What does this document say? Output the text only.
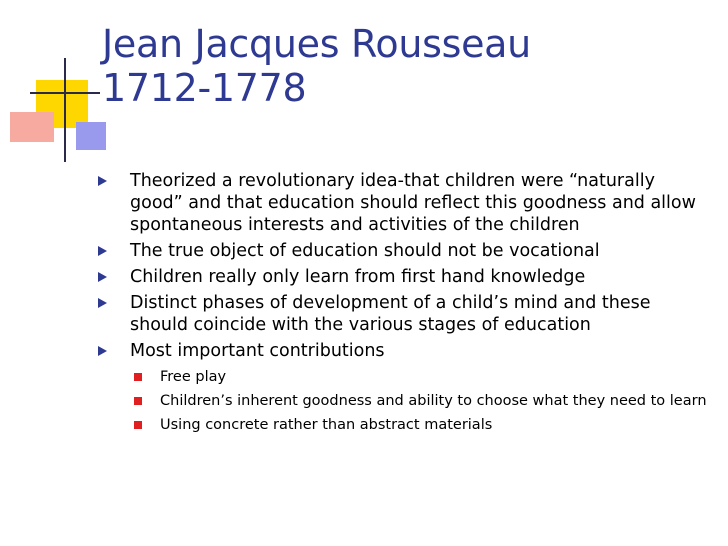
Jean Jacques Rousseau
1712-1778
Theorized a revolutionary idea-that children were “naturally good” and that education should reflect this goodness and allow spontaneous interests and activities of the children
The true object of education should not be vocational
Children really only learn from first hand knowledge
Distinct phases of development of a child’s mind and these should coincide with the various stages of education
Most important contributions
Free play
Children’s inherent goodness and ability to choose what they need to learn
Using concrete rather than abstract materials
